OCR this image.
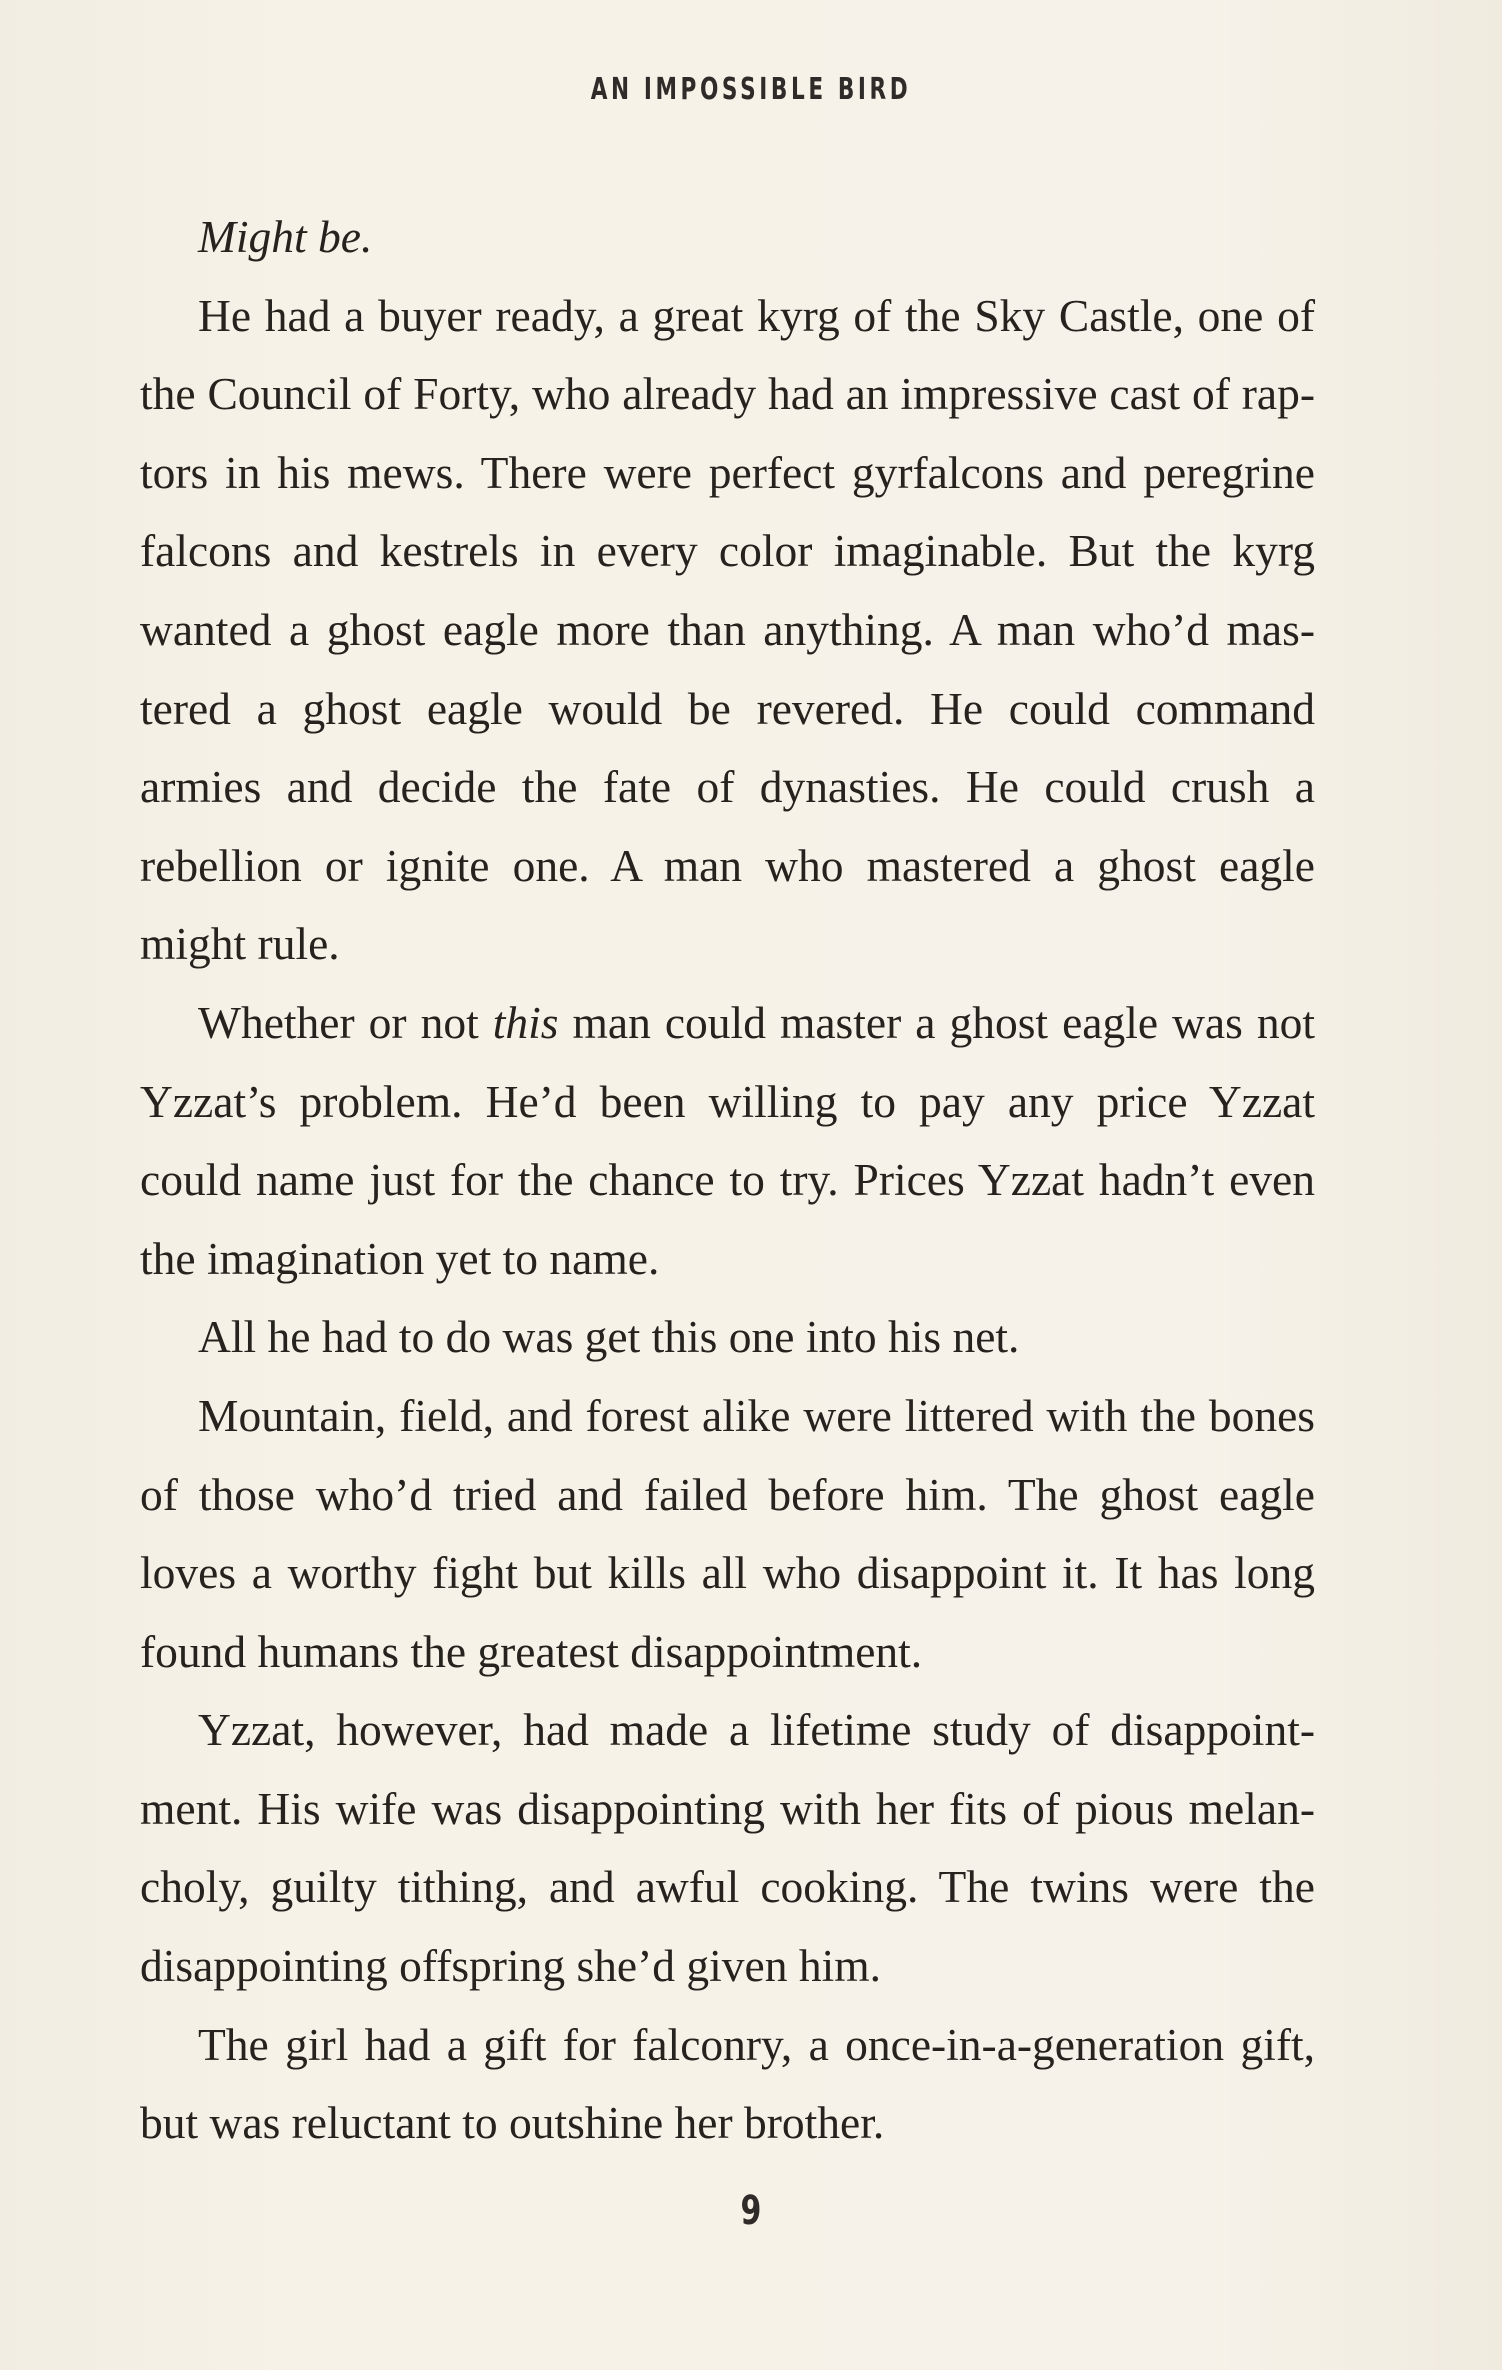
AN IMPOSSIBLE BIRD

Might be.

He had a buyer ready, a great kyrg of the Sky Castle, one of the Council of Forty, who already had an impressive cast of raptors in his mews. There were perfect gyrfalcons and peregrine falcons and kestrels in every color imaginable. But the kyrg wanted a ghost eagle more than anything. A man who’d mastered a ghost eagle would be revered. He could command armies and decide the fate of dynasties. He could crush a rebellion or ignite one. A man who mastered a ghost eagle might rule.

Whether or not this man could master a ghost eagle was not Yzzat’s problem. He’d been willing to pay any price Yzzat could name just for the chance to try. Prices Yzzat hadn’t even the imagination yet to name.

All he had to do was get this one into his net.

Mountain, field, and forest alike were littered with the bones of those who’d tried and failed before him. The ghost eagle loves a worthy fight but kills all who disappoint it. It has long found humans the greatest disappointment.

Yzzat, however, had made a lifetime study of disappointment. His wife was disappointing with her fits of pious melancholy, guilty tithing, and awful cooking. The twins were the disappointing offspring she’d given him.

The girl had a gift for falconry, a once-in-a-generation gift, but was reluctant to outshine her brother.

9
